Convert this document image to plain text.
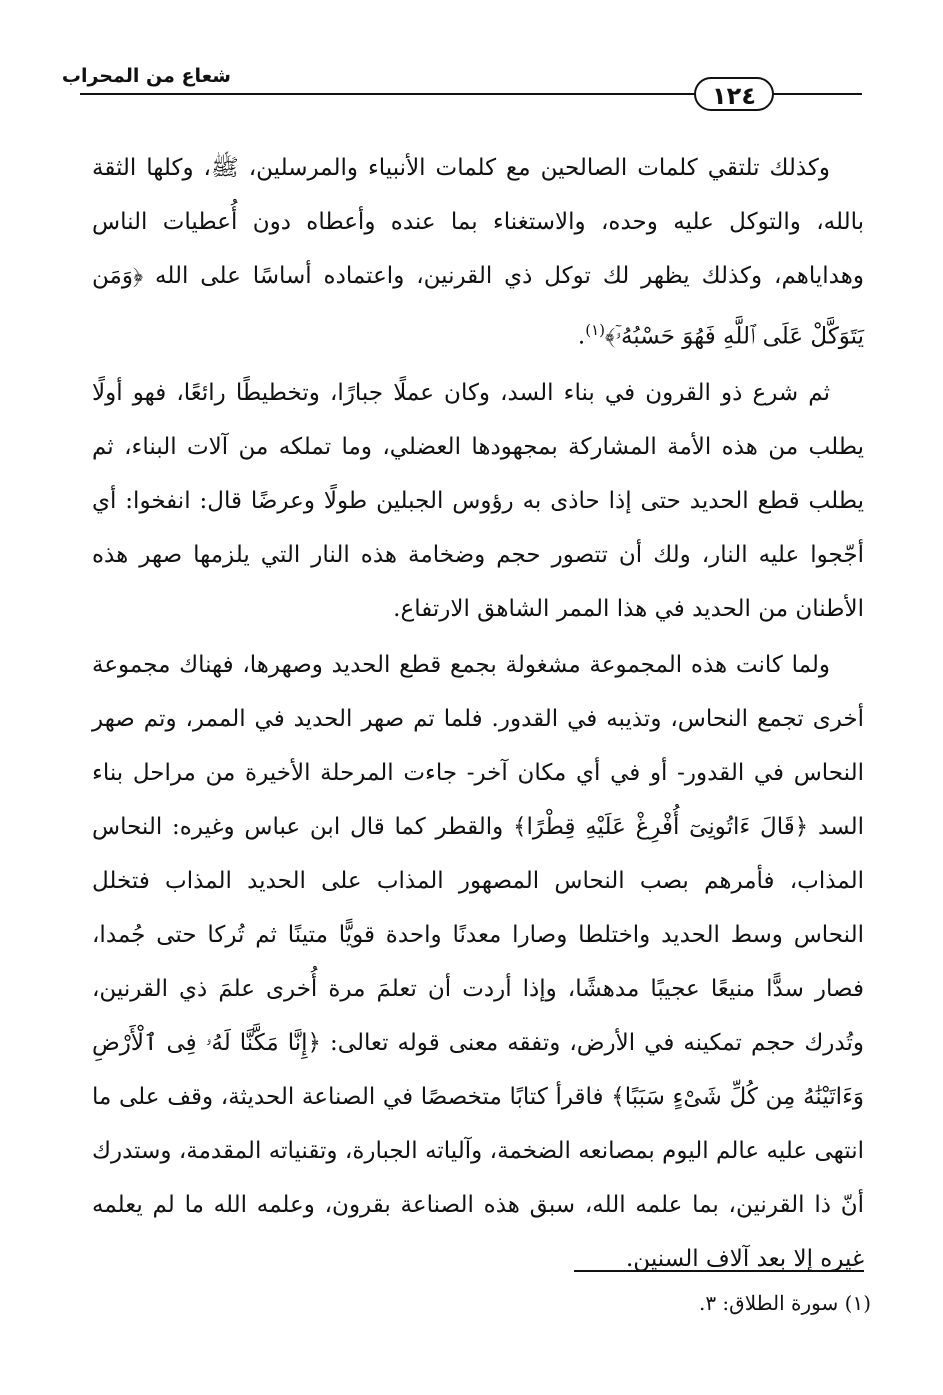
شعاع من المحراب
١٢٤

وكذلك تلتقي كلمات الصالحين مع كلمات الأنبياء والمرسلين، ﷺ، وكلها الثقة بالله، والتوكل عليه وحده، والاستغناء بما عنده وأعطاه دون أُعطيات الناس وهداياهم، وكذلك يظهر لك توكل ذي القرنين، واعتماده أساسًا على الله ﴿وَمَن يَتَوَكَّلْ عَلَى ٱللَّهِ فَهُوَ حَسْبُهُۥٓ﴾$^{(١)}$.

ثم شرع ذو القرون في بناء السد، وكان عملًا جبارًا، وتخطيطًا رائعًا، فهو أولًا يطلب من هذه الأمة المشاركة بمجهودها العضلي، وما تملكه من آلات البناء، ثم يطلب قطع الحديد حتى إذا حاذى به رؤوس الجبلين طولًا وعرضًا قال: انفخوا: أي أجّجوا عليه النار، ولك أن تتصور حجم وضخامة هذه النار التي يلزمها صهر هذه الأطنان من الحديد في هذا الممر الشاهق الارتفاع.

ولما كانت هذه المجموعة مشغولة بجمع قطع الحديد وصهرها، فهناك مجموعة أخرى تجمع النحاس، وتذيبه في القدور. فلما تم صهر الحديد في الممر، وتم صهر النحاس في القدور- أو في أي مكان آخر- جاءت المرحلة الأخيرة من مراحل بناء السد ﴿قَالَ ءَاتُونِىٓ أُفْرِغْ عَلَيْهِ قِطْرًا﴾ والقطر كما قال ابن عباس وغيره: النحاس المذاب، فأمرهم بصب النحاس المصهور المذاب على الحديد المذاب فتخلل النحاس وسط الحديد واختلطا وصارا معدنًا واحدة قويًّا متينًا ثم تُركا حتى جُمدا، فصار سدًّا منيعًا عجيبًا مدهشًا، وإذا أردت أن تعلمَ مرة أُخرى علمَ ذي القرنين، وتُدرك حجم تمكينه في الأرض، وتفقه معنى قوله تعالى: ﴿إِنَّا مَكَّنَّا لَهُۥ فِى ٱلْأَرْضِ وَءَاتَيْنَٰهُ مِن كُلِّ شَىْءٍ سَبَبًا﴾ فاقرأ كتابًا متخصصًا في الصناعة الحديثة، وقف على ما انتهى عليه عالم اليوم بمصانعه الضخمة، وآلياته الجبارة، وتقنياته المقدمة، وستدرك أنّ ذا القرنين، بما علمه الله، سبق هذه الصناعة بقرون، وعلمه الله ما لم يعلمه غيره إلا بعد آلاف السنين.

(١) سورة الطلاق: ٣.
